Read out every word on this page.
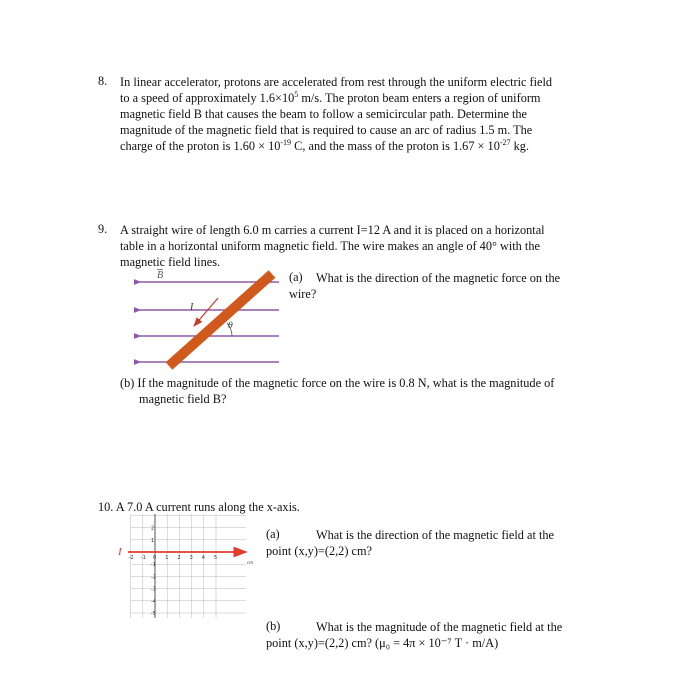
8. In linear accelerator, protons are accelerated from rest through the uniform electric field

to a speed of approximately $1.6\times 10^5$ m/s. The proton beam enters a region of uniform

magnetic field B that causes the beam to follow a semicircular path. Determine the

magnitude of the magnetic field that is required to cause an arc of radius 1.5 m. The

charge of the proton is $1.60 \times 10^{-19}$ C, and the mass of the proton is $1.67 \times 10^{-27}$ kg.

9. A straight wire of length 6.0 m carries a current I=12 A and it is placed on a horizontal

table in a horizontal uniform magnetic field. The wire makes an angle of 40° with the

magnetic field lines.

B
I
θ
(a) What is the direction of the magnetic force on the

wire?

(b) If the magnitude of the magnetic force on the wire is 0.8 N, what is the magnitude of

magnetic field B?

10. A 7.0 A current runs along the x-axis.

I
cm
-2 -1 0 1 2 3 4 5
2
1
-1
-2
-3
-4
-5
(a)	What is the direction of the magnetic field at the

point (x,y)=(2,2) cm?

(b)	What is the magnitude of the magnetic field at the

point (x,y)=(2,2) cm? (μ₀ = 4π × 10⁻⁷ T · m/A)
